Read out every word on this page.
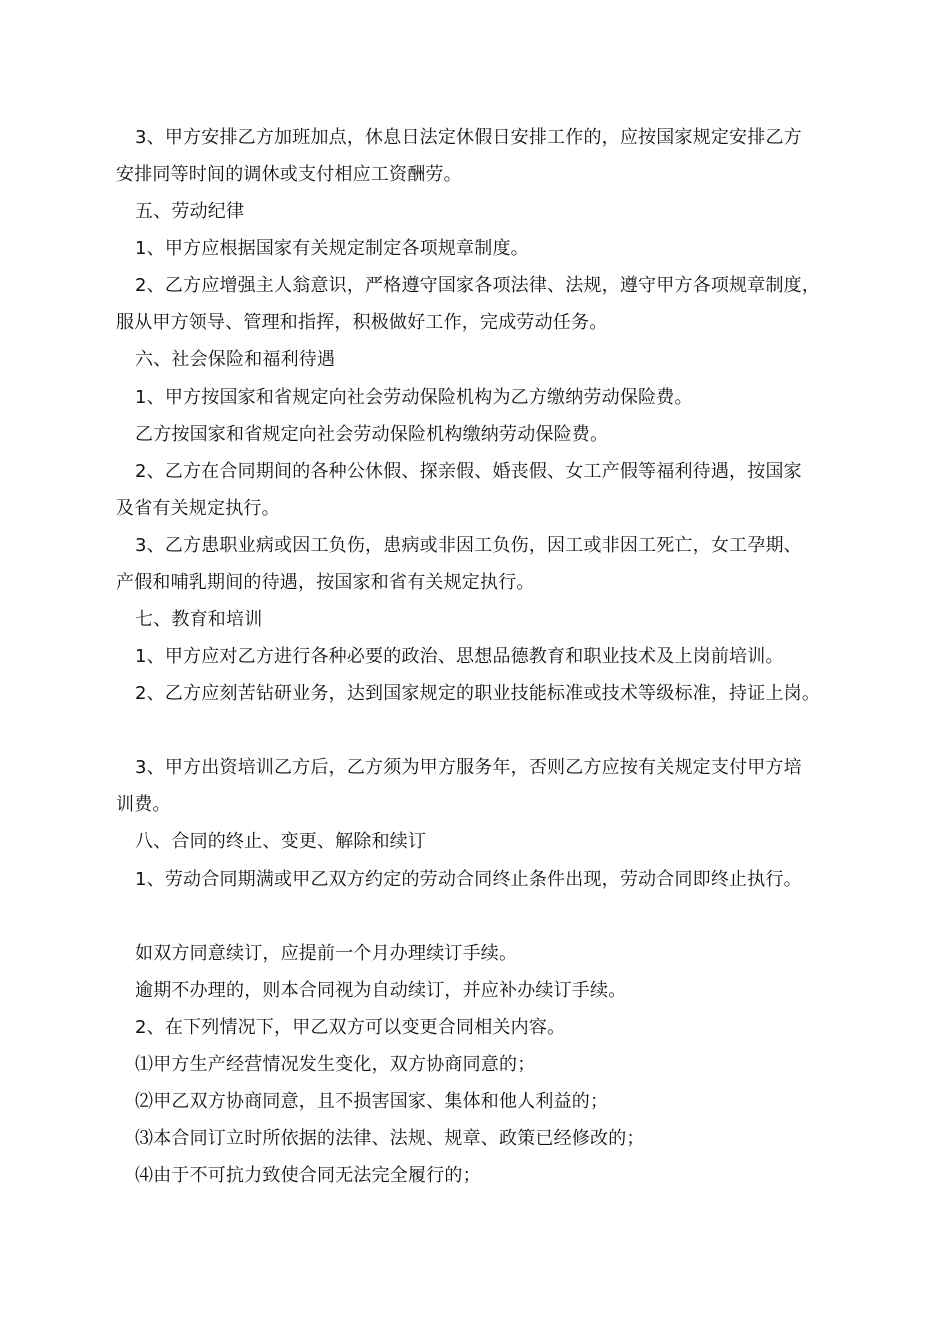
3、甲方安排乙方加班加点，休息日法定休假日安排工作的，应按国家规定安排乙方
安排同等时间的调休或支付相应工资酬劳。
五、劳动纪律
1、甲方应根据国家有关规定制定各项规章制度。
2、乙方应增强主人翁意识，严格遵守国家各项法律、法规，遵守甲方各项规章制度，
服从甲方领导、管理和指挥，积极做好工作，完成劳动任务。
六、社会保险和福利待遇
1、甲方按国家和省规定向社会劳动保险机构为乙方缴纳劳动保险费。
乙方按国家和省规定向社会劳动保险机构缴纳劳动保险费。
2、乙方在合同期间的各种公休假、探亲假、婚丧假、女工产假等福利待遇，按国家
及省有关规定执行。
3、乙方患职业病或因工负伤，患病或非因工负伤，因工或非因工死亡，女工孕期、
产假和哺乳期间的待遇，按国家和省有关规定执行。
七、教育和培训
1、甲方应对乙方进行各种必要的政治、思想品德教育和职业技术及上岗前培训。
2、乙方应刻苦钻研业务，达到国家规定的职业技能标准或技术等级标准，持证上岗。
3、甲方出资培训乙方后，乙方须为甲方服务年，否则乙方应按有关规定支付甲方培
训费。
八、合同的终止、变更、解除和续订
1、劳动合同期满或甲乙双方约定的劳动合同终止条件出现，劳动合同即终止执行。
如双方同意续订，应提前一个月办理续订手续。
逾期不办理的，则本合同视为自动续订，并应补办续订手续。
2、在下列情况下，甲乙双方可以变更合同相关内容。
⑴甲方生产经营情况发生变化，双方协商同意的；
⑵甲乙双方协商同意，且不损害国家、集体和他人利益的；
⑶本合同订立时所依据的法律、法规、规章、政策已经修改的；
⑷由于不可抗力致使合同无法完全履行的；
